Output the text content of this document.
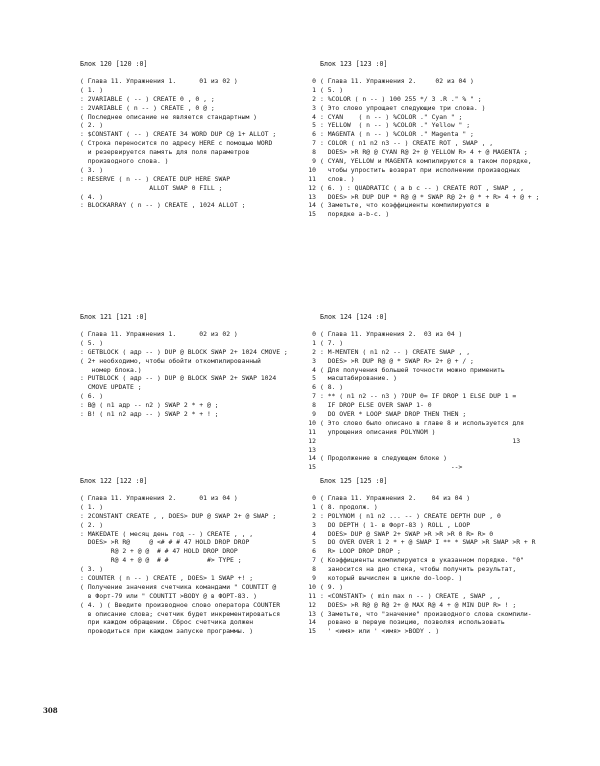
Блок 120 [120 :0]
( Глава 11. Упражнения 1.      01 из 02 )
( 1. )
: 2VARIABLE ( -- ) CREATE 0 , 0 , ;
: 2VARIABLE ( n -- ) CREATE , 0 @ ;
( Последнее описание не является стандартным )
( 2. )
: $CONSTANT ( -- ) CREATE 34 WORD DUP C@ 1+ ALLOT ;
( Строка переносится по адресу HERE с помощью WORD
и резервируется память для поля параметров
производного слова. )
( 3. )
: RESERVE ( n -- ) CREATE DUP HERE SWAP
ALLOT SWAP 0 FILL ;
( 4. )
: BLOCKARRAY ( n -- ) CREATE , 1024 ALLOT ;
Блок 121 [121 :0]
( Глава 11. Упражнения 1.      02 из 02 )
( 5. )
: GETBLOCK ( адр -- ) DUP @ BLOCK SWAP 2+ 1024 CMOVE ;
( 2+ необходимо, чтобы обойти откомпилированный
номер блока.)
: PUTBLOCK ( адр -- ) DUP @ BLOCK SWAP 2+ SWAP 1024
CMOVE UPDATE ;
( 6. )
: B@ ( n1 адр -- n2 ) SWAP 2 * + @ ;
: B! ( n1 n2 адр -- ) SWAP 2 * + ! ;
Блок 122 [122 :0]
( Глава 11. Упражнения 2.      01 из 04 )
( 1. )
: 2CONSTANT CREATE , , DOES> DUP @ SWAP 2+ @ SWAP ;
( 2. )
: MAKEDATE ( месяц день год -- ) CREATE , , ,
DOES> >R R@     @ <# # # 47 HOLD DROP DROP
R@ 2 + @ @  # # 47 HOLD DROP DROP
R@ 4 + @ @  # #          #> TYPE ;
( 3. )
: COUNTER ( n -- ) CREATE , DOES> 1 SWAP +! ;
( Получение значения счетчика командами " COUNTIT @
в Форт-79 или " COUNTIT >BODY @ в ФОРТ-83. )
( 4. ) ( Введите производное слово оператора COUNTER
в описание слова; счетчик будет инкрементироваться
при каждом обращении. Сброс счетчика должен
проводиться при каждом запуске программы. )
Блок 123 [123 :0]
0 ( Глава 11. Упражнения 2.     02 из 04 )
1 ( 5. )
2 : %COLOR ( n -- ) 100 255 */ 3 .R ." % " ;
3 ( Это слово упрощает следующие три слова. )
4 : CYAN    ( n -- ) %COLOR ." Cyan " ;
5 : YELLOW  ( n -- ) %COLOR ." Yellow " ;
6 : MAGENTA ( n -- ) %COLOR ." Magenta " ;
7 : COLOR ( n1 n2 n3 -- ) CREATE ROT , SWAP , ,
8 DOES> >R R@ @ CYAN R@ 2+ @ YELLOW R> 4 + @ MAGENTA ;
9 ( CYAN, YELLOW и MAGENTA компилируются в таком порядке,
10 чтобы упростить возврат при исполнении производных
11 слов. )
12 ( 6. ) : QUADRATIC ( a b c -- ) CREATE ROT , SWAP , ,
13 DOES> >R DUP DUP * R@ @ * SWAP R@ 2+ @ * + R> 4 + @ + ;
14 ( Заметьте, что коэффициенты компилируются в
15 порядке a-b-c. )
Блок 124 [124 :0]
0 ( Глава 11. Упражнения 2.  03 из 04 )
1 ( 7. )
2 : M-MENTEN ( n1 n2 -- ) CREATE SWAP , ,
3 DOES> >R DUP R@ @ * SWAP R> 2+ @ + / ;
4 ( Для получения большей точности можно применить
5 масштабирование. )
6 ( 8. )
7 : ** ( n1 n2 -- n3 ) ?DUP 0= IF DROP 1 ELSE DUP 1 =
8 IF DROP ELSE OVER SWAP 1- 0
9 DO OVER * LOOP SWAP DROP THEN THEN ;
10 ( Это слово было описано в главе 8 и используется для
11 упрощения описания POLYNOM )
12 13
13
14 ( Продолжение в следующем блоке )
15 -->
Блок 125 [125 :0]
0 ( Глава 11. Упражнения 2.    04 из 04 )
1 ( 8. продолж. )
2 : POLYNOM ( n1 n2 ... -- ) CREATE DEPTH DUP , 0
3 DO DEPTH ( 1- в Форт-83 ) ROLL , LOOP
4 DOES> DUP @ SWAP 2+ SWAP >R >R >R 0 R> R> 0
5 DO OVER OVER 1 2 * + @ SWAP I ** * SWAP >R SWAP >R + R
6 R> LOOP DROP DROP ;
7 ( Коэффициенты компилируются в указанном порядке. "0"
8 заносится на дно стека, чтобы получить результат,
9 который вычислен в цикле do-loop. )
10 ( 9. )
11 : <CONSTANT> ( min max n -- ) CREATE , SWAP , ,
12 DOES> >R R@ @ R@ 2+ @ MAX R@ 4 + @ MIN DUP R> ! ;
13 ( Заметьте, что "значение" производного слова скомпили-
14 ровано в первую позицию, позволяя использовать
15 ' <имя> или ' <имя> >BODY . )
308
